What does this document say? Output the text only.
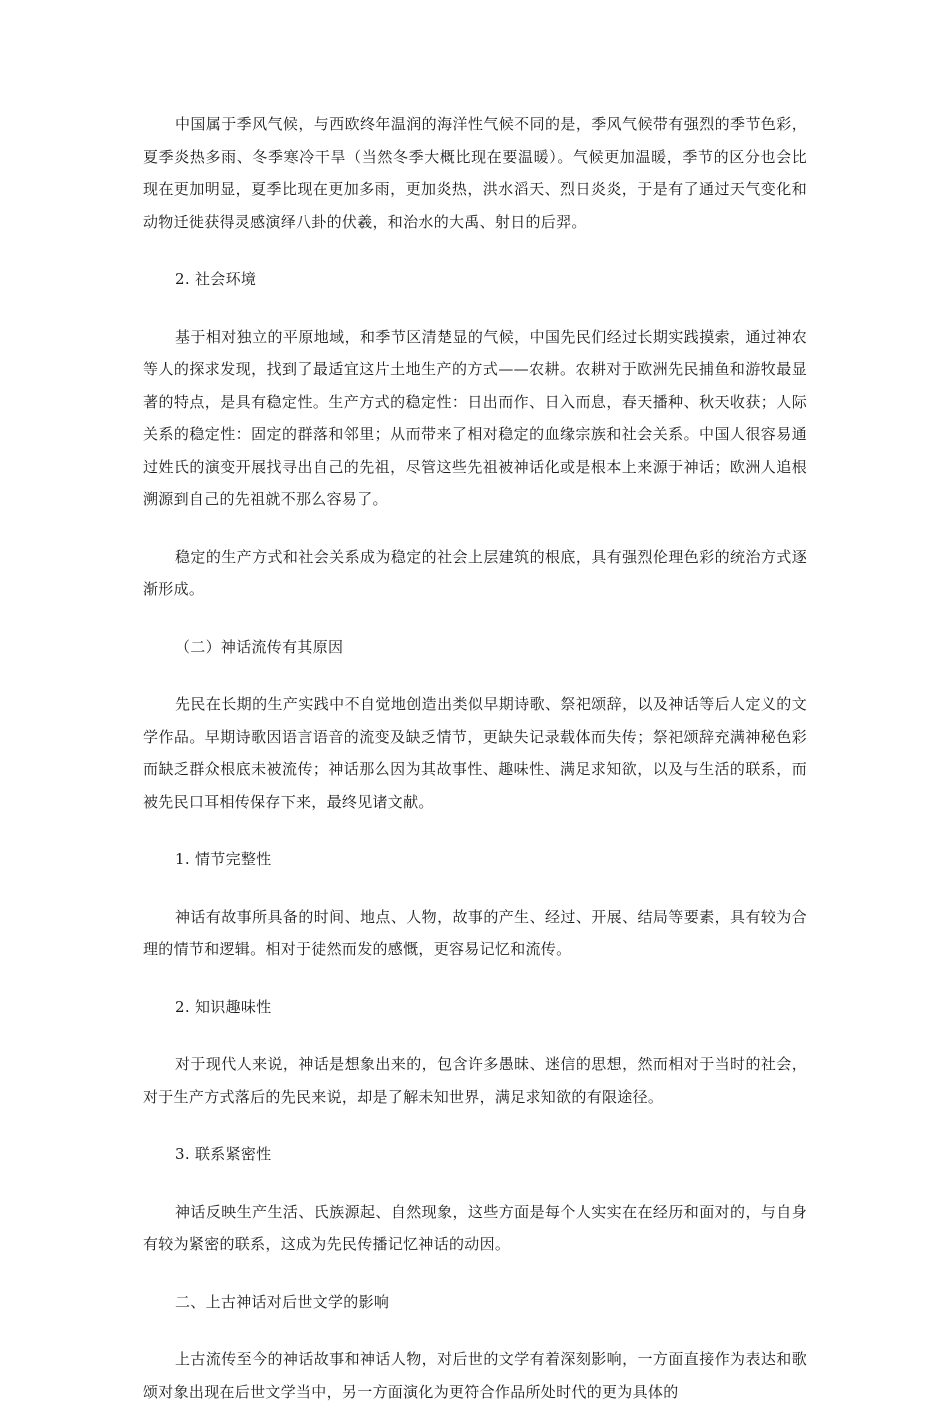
中国属于季风气候，与西欧终年温润的海洋性气候不同的是，季风气候带有强烈的季节色彩，夏季炎热多雨、冬季寒冷干旱（当然冬季大概比现在要温暖）。气候更加温暖，季节的区分也会比现在更加明显，夏季比现在更加多雨，更加炎热，洪水滔天、烈日炎炎，于是有了通过天气变化和动物迁徙获得灵感演绎八卦的伏羲，和治水的大禹、射日的后羿。

2. 社会环境

基于相对独立的平原地域，和季节区清楚显的气候，中国先民们经过长期实践摸索，通过神农等人的探求发现，找到了最适宜这片土地生产的方式——农耕。农耕对于欧洲先民捕鱼和游牧最显著的特点，是具有稳定性。生产方式的稳定性：日出而作、日入而息，春天播种、秋天收获；人际关系的稳定性：固定的群落和邻里；从而带来了相对稳定的血缘宗族和社会关系。中国人很容易通过姓氏的演变开展找寻出自己的先祖，尽管这些先祖被神话化或是根本上来源于神话；欧洲人追根溯源到自己的先祖就不那么容易了。

稳定的生产方式和社会关系成为稳定的社会上层建筑的根底，具有强烈伦理色彩的统治方式逐渐形成。

（二）神话流传有其原因

先民在长期的生产实践中不自觉地创造出类似早期诗歌、祭祀颂辞，以及神话等后人定义的文学作品。早期诗歌因语言语音的流变及缺乏情节，更缺失记录载体而失传；祭祀颂辞充满神秘色彩而缺乏群众根底未被流传；神话那么因为其故事性、趣味性、满足求知欲，以及与生活的联系，而被先民口耳相传保存下来，最终见诸文献。

1. 情节完整性

神话有故事所具备的时间、地点、人物，故事的产生、经过、开展、结局等要素，具有较为合理的情节和逻辑。相对于徒然而发的感慨，更容易记忆和流传。

2. 知识趣味性

对于现代人来说，神话是想象出来的，包含许多愚昧、迷信的思想，然而相对于当时的社会，对于生产方式落后的先民来说，却是了解未知世界，满足求知欲的有限途径。

3. 联系紧密性

神话反映生产生活、氏族源起、自然现象，这些方面是每个人实实在在经历和面对的，与自身有较为紧密的联系，这成为先民传播记忆神话的动因。

二、上古神话对后世文学的影响

上古流传至今的神话故事和神话人物，对后世的文学有着深刻影响，一方面直接作为表达和歌颂对象出现在后世文学当中，另一方面演化为更符合作品所处时代的更为具体的
